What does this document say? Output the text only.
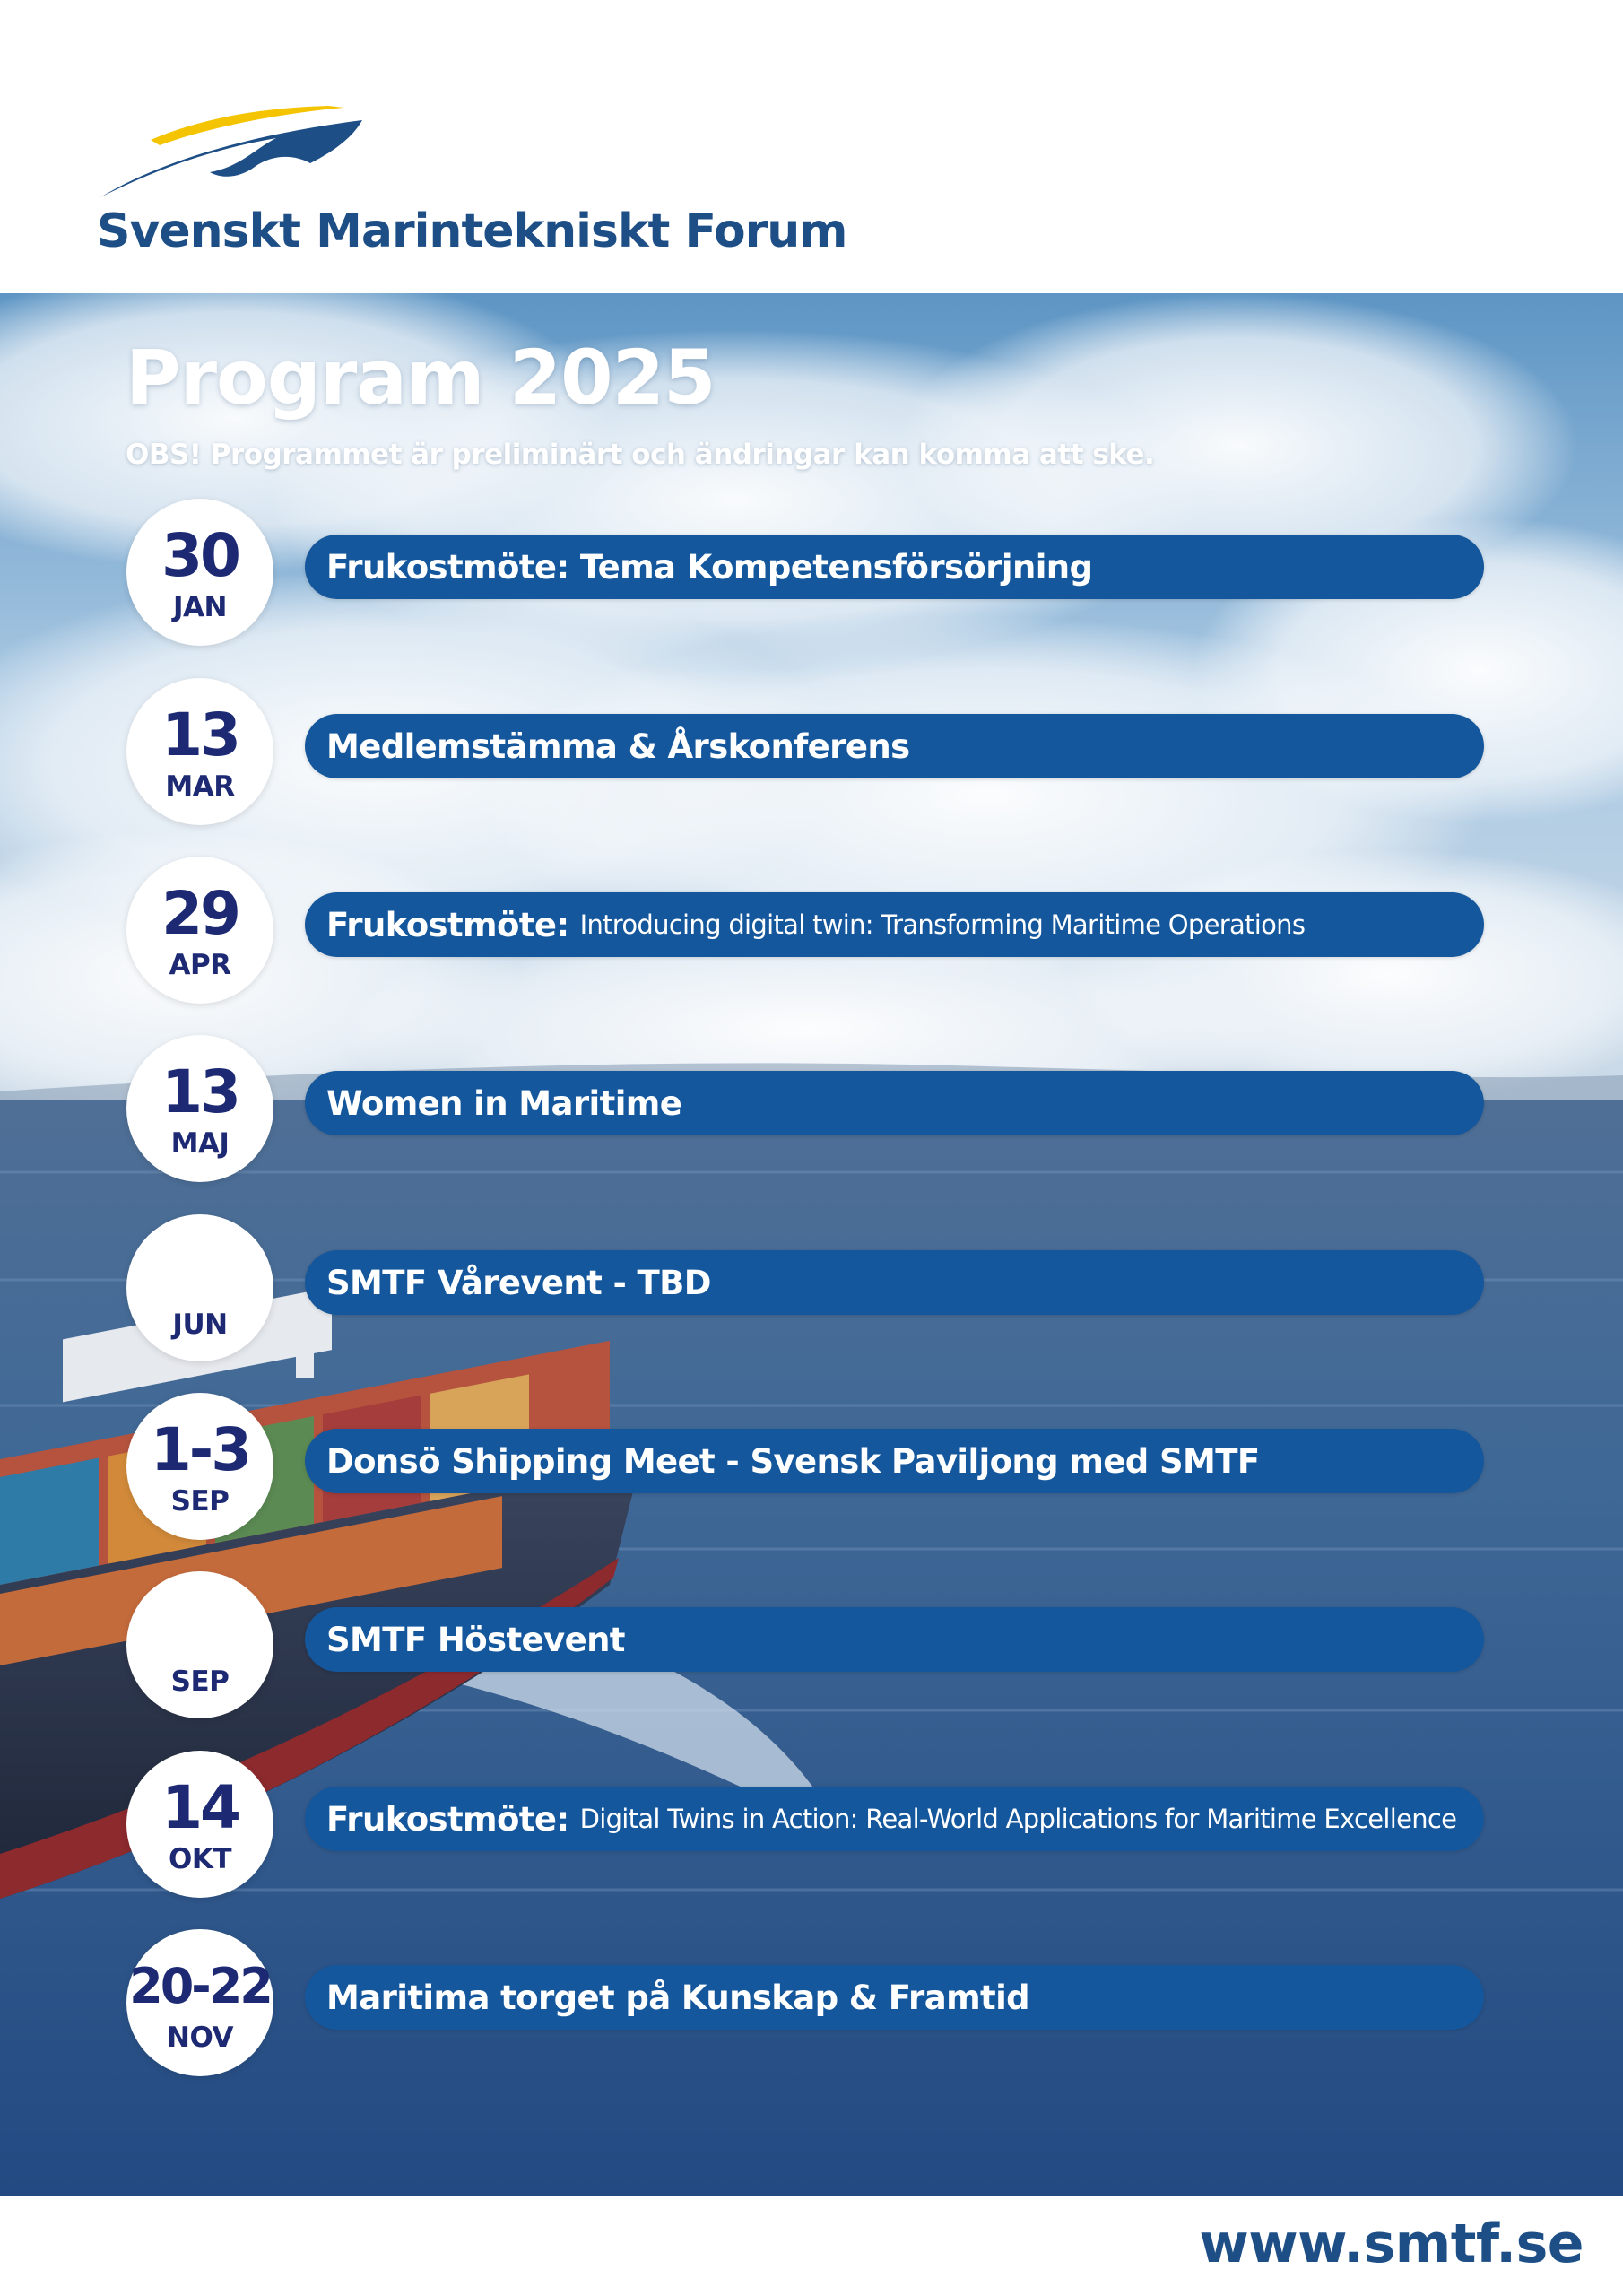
Svenskt Marintekniskt Forum
Program 2025
OBS! Programmet är preliminärt och ändringar kan komma att ske.
30
JAN
Frukostmöte: Tema Kompetensförsörjning
13
MAR
Medlemstämma & Årskonferens
29
APR
Frukostmöte: Introducing digital twin: Transforming Maritime Operations
13
MAJ
Women in Maritime
JUN
SMTF Vårevent - TBD
1-3
SEP
Donsö Shipping Meet - Svensk Paviljong med SMTF
SEP
SMTF Höstevent
14
OKT
Frukostmöte: Digital Twins in Action: Real-World Applications for Maritime Excellence
20-22
NOV
Maritima torget på Kunskap & Framtid
www.smtf.se
